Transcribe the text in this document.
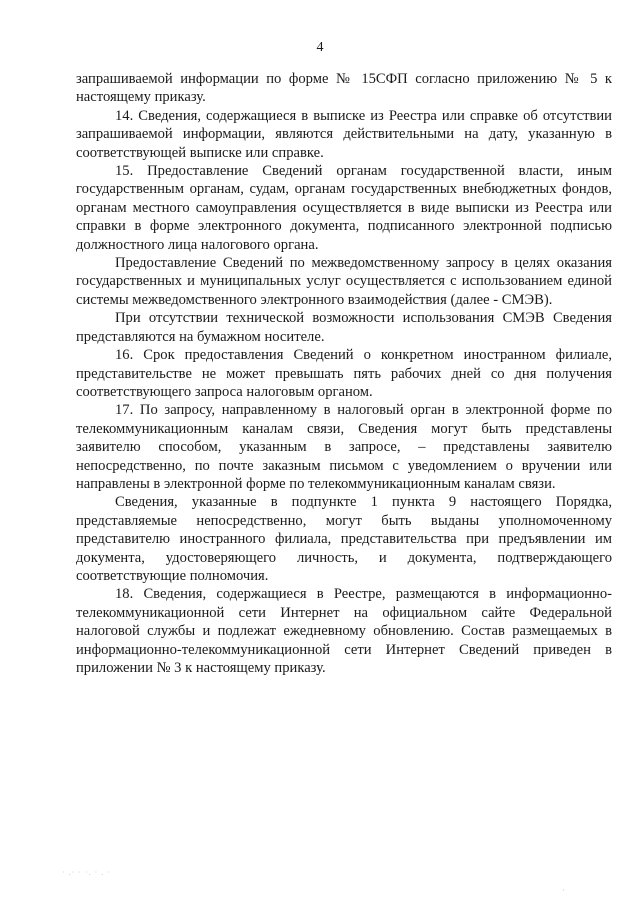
4

запрашиваемой информации по форме № 15СФП согласно приложению № 5 к настоящему приказу.

14. Сведения, содержащиеся в выписке из Реестра или справке об отсутствии запрашиваемой информации, являются действительными на дату, указанную в соответствующей выписке или справке.

15. Предоставление Сведений органам государственной власти, иным государственным органам, судам, органам государственных внебюджетных фондов, органам местного самоуправления осуществляется в виде выписки из Реестра или справки в форме электронного документа, подписанного электронной подписью должностного лица налогового органа.

Предоставление Сведений по межведомственному запросу в целях оказания государственных и муниципальных услуг осуществляется с использованием единой системы межведомственного электронного взаимодействия (далее - СМЭВ).

При отсутствии технической возможности использования СМЭВ Сведения представляются на бумажном носителе.

16. Срок предоставления Сведений о конкретном иностранном филиале, представительстве не может превышать пять рабочих дней со дня получения соответствующего запроса налоговым органом.

17. По запросу, направленному в налоговый орган в электронной форме по телекоммуникационным каналам связи, Сведения могут быть представлены заявителю способом, указанным в запросе, – представлены заявителю непосредственно, по почте заказным письмом с уведомлением о вручении или направлены в электронной форме по телекоммуникационным каналам связи.

Сведения, указанные в подпункте 1 пункта 9 настоящего Порядка, представляемые непосредственно, могут быть выданы уполномоченному представителю иностранного филиала, представительства при предъявлении им документа, удостоверяющего личность, и документа, подтверждающего соответствующие полномочия.

18. Сведения, содержащиеся в Реестре, размещаются в информационно-телекоммуникационной сети Интернет на официальном сайте Федеральной налоговой службы и подлежат ежедневному обновлению. Состав размещаемых в информационно-телекоммуникационной сети Интернет Сведений приведен в приложении № 3 к настоящему приказу.

· .· · ·. · . ·
·
